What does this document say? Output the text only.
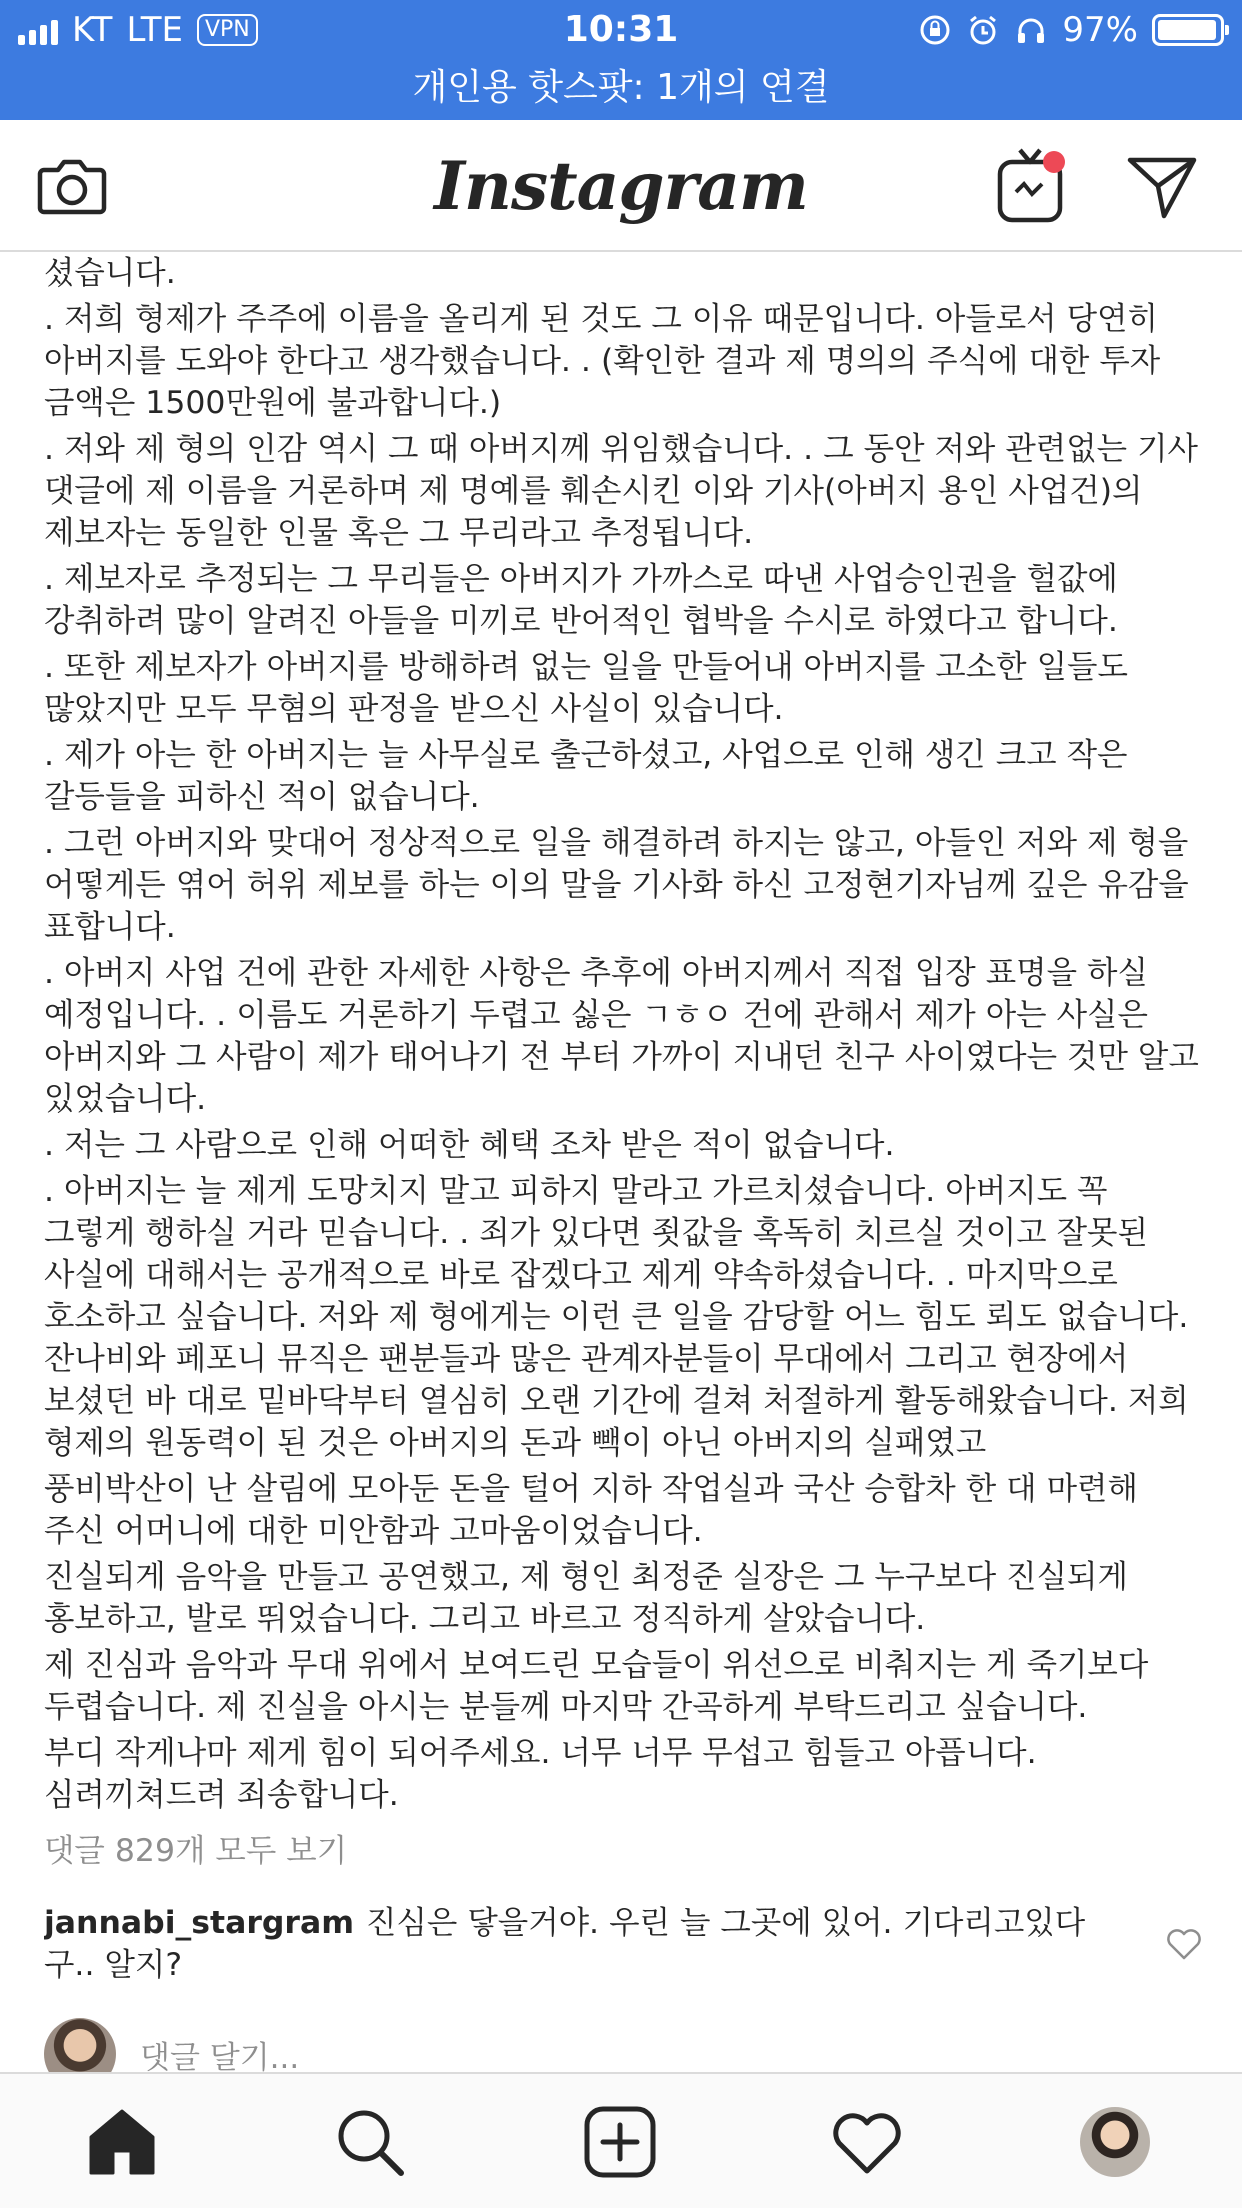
KT LTE	VPN	10:31	97%
개인용 핫스팟: 1개의 연결
Instagram

셨습니다.

. 저희 형제가 주주에 이름을 올리게 된 것도 그 이유 때문입니다. 아들로서 당연히 아버지를 도와야 한다고 생각했습니다. . (확인한 결과 제 명의의 주식에 대한 투자 금액은 1500만원에 불과합니다.)

. 저와 제 형의 인감 역시 그 때 아버지께 위임했습니다. . 그 동안 저와 관련없는 기사 댓글에 제 이름을 거론하며 제 명예를 훼손시킨 이와 기사(아버지 용인 사업건)의 제보자는 동일한 인물 혹은 그 무리라고 추정됩니다.

. 제보자로 추정되는 그 무리들은 아버지가 가까스로 따낸 사업승인권을 헐값에 강취하려 많이 알려진 아들을 미끼로 반어적인 협박을 수시로 하였다고 합니다.

. 또한 제보자가 아버지를 방해하려 없는 일을 만들어내 아버지를 고소한 일들도 많았지만 모두 무혐의 판정을 받으신 사실이 있습니다.

. 제가 아는 한 아버지는 늘 사무실로 출근하셨고, 사업으로 인해 생긴 크고 작은 갈등들을 피하신 적이 없습니다.

. 그런 아버지와 맞대어 정상적으로 일을 해결하려 하지는 않고, 아들인 저와 제 형을 어떻게든 엮어 허위 제보를 하는 이의 말을 기사화 하신 고정현기자님께 깊은 유감을 표합니다.

. 아버지 사업 건에 관한 자세한 사항은 추후에 아버지께서 직접 입장 표명을 하실 예정입니다. . 이름도 거론하기 두렵고 싫은 ㄱㅎㅇ 건에 관해서 제가 아는 사실은 아버지와 그 사람이 제가 태어나기 전 부터 가까이 지내던 친구 사이였다는 것만 알고 있었습니다.

. 저는 그 사람으로 인해 어떠한 혜택 조차 받은 적이 없습니다.

. 아버지는 늘 제게 도망치지 말고 피하지 말라고 가르치셨습니다. 아버지도 꼭 그렇게 행하실 거라 믿습니다. . 죄가 있다면 죗값을 혹독히 치르실 것이고 잘못된 사실에 대해서는 공개적으로 바로 잡겠다고 제게 약속하셨습니다. . 마지막으로 호소하고 싶습니다. 저와 제 형에게는 이런 큰 일을 감당할 어느 힘도 뢰도 없습니다. 잔나비와 페포니 뮤직은 팬분들과 많은 관계자분들이 무대에서 그리고 현장에서 보셨던 바 대로 밑바닥부터 열심히 오랜 기간에 걸쳐 처절하게 활동해왔습니다. 저희 형제의 원동력이 된 것은 아버지의 돈과 빽이 아닌 아버지의 실패였고

풍비박산이 난 살림에 모아둔 돈을 털어 지하 작업실과 국산 승합차 한 대 마련해 주신 어머니에 대한 미안함과 고마움이었습니다.

진실되게 음악을 만들고 공연했고, 제 형인 최정준 실장은 그 누구보다 진실되게 홍보하고, 발로 뛰었습니다. 그리고 바르고 정직하게 살았습니다.

제 진심과 음악과 무대 위에서 보여드린 모습들이 위선으로 비춰지는 게 죽기보다 두렵습니다. 제 진실을 아시는 분들께 마지막 간곡하게 부탁드리고 싶습니다.

부디 작게나마 제게 힘이 되어주세요. 너무 너무 무섭고 힘들고 아픕니다. 심려끼쳐드려 죄송합니다.

댓글 829개 모두 보기
jannabi_stargram 진심은 닿을거야. 우린 늘 그곳에 있어. 기다리고있다구.. 알지?
댓글 달기...
